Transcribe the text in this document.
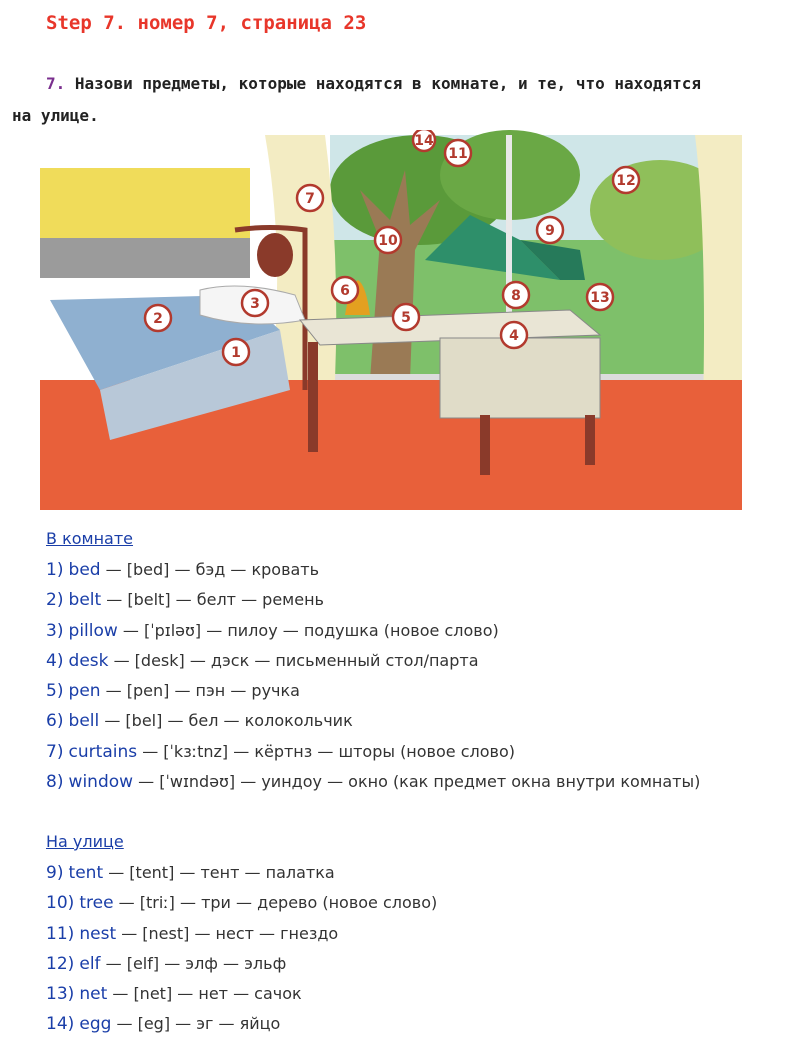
Step 7. номер 7, страница 23
7. Назови предметы, которые находятся в комнате, и те, что находятся
на улице.
1
2
3
4
5
6
7
8
9
10
11
12
13
14
В комнате
1) bed — [bed] — бэд — кровать
2) belt — [belt] — белт — ремень
3) pillow — [ˈpɪləʊ] — пилоу — подушка (новое слово)
4) desk — [desk] — дэск — письменный стол/парта
5) pen — [pen] — пэн — ручка
6) bell — [bel] — бел — колокольчик
7) curtains — [ˈkɜːtnz] — кёртнз — шторы (новое слово)
8) window — [ˈwɪndəʊ] — уиндоу — окно (как предмет окна внутри комнаты)
На улице
9) tent — [tent] — тент — палатка
10) tree — [triː] — три — дерево (новое слово)
11) nest — [nest] — нест — гнездо
12) elf — [elf] — элф — эльф
13) net — [net] — нет — сачок
14) egg — [eg] — эг — яйцо
